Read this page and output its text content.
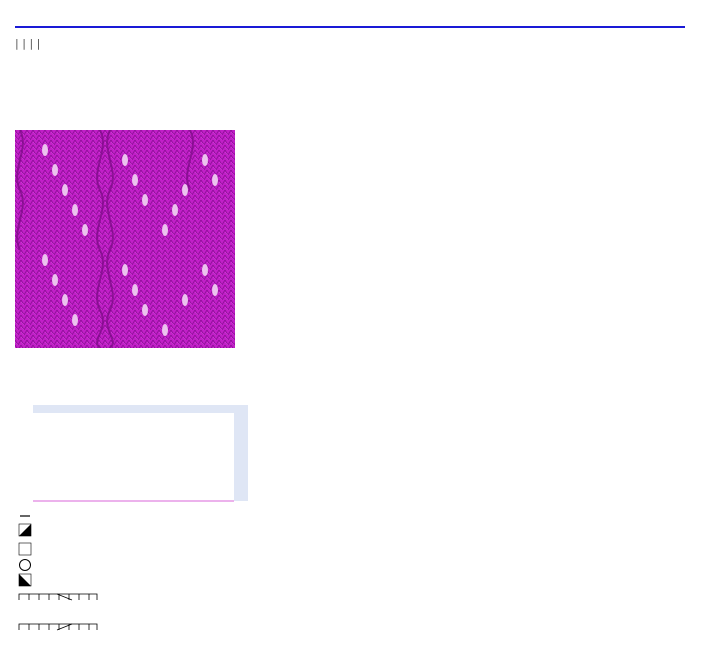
| | | |
